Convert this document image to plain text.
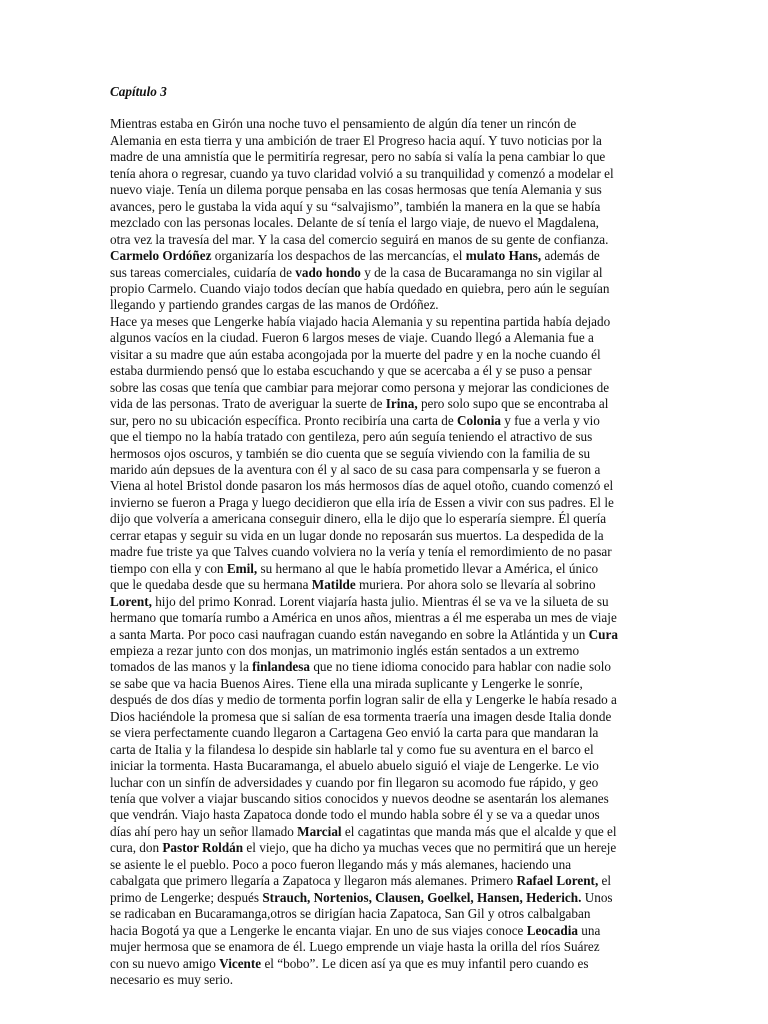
Capítulo 3

Mientras estaba en Girón una noche tuvo el pensamiento de algún día tener un rincón de
Alemania en esta tierra y una ambición de traer El Progreso hacia aquí. Y tuvo noticias por la
madre de una amnistía que le permitiría regresar, pero no sabía si valía la pena cambiar lo que
tenía ahora o regresar, cuando ya tuvo claridad volvió a su tranquilidad y comenzó a modelar el
nuevo viaje. Tenía un dilema porque pensaba en las cosas hermosas que tenía Alemania y sus
avances, pero le gustaba la vida aquí y su “salvajismo”, también la manera en la que se había
mezclado con las personas locales. Delante de sí tenía el largo viaje, de nuevo el Magdalena,
otra vez la travesía del mar. Y la casa del comercio seguirá en manos de su gente de confianza.
Carmelo Ordóñez organizaría los despachos de las mercancías, el mulato Hans, además de
sus tareas comerciales, cuidaría de vado hondo y de la casa de Bucaramanga no sin vigilar al
propio Carmelo. Cuando viajo todos decían que había quedado en quiebra, pero aún le seguían
llegando y partiendo grandes cargas de las manos de Ordóñez.

Hace ya meses que Lengerke había viajado hacia Alemania y su repentina partida había dejado
algunos vacíos en la ciudad. Fueron 6 largos meses de viaje. Cuando llegó a Alemania fue a
visitar a su madre que aún estaba acongojada por la muerte del padre y en la noche cuando él
estaba durmiendo pensó que lo estaba escuchando y que se acercaba a él y se puso a pensar
sobre las cosas que tenía que cambiar para mejorar como persona y mejorar las condiciones de
vida de las personas. Trato de averiguar la suerte de Irina, pero solo supo que se encontraba al
sur, pero no su ubicación específica. Pronto recibiría una carta de Colonia y fue a verla y vio
que el tiempo no la había tratado con gentileza, pero aún seguía teniendo el atractivo de sus
hermosos ojos oscuros, y también se dio cuenta que se seguía viviendo con la familia de su
marido aún depsues de la aventura con él y al saco de su casa para compensarla y se fueron a
Viena al hotel Bristol donde pasaron los más hermosos días de aquel otoño, cuando comenzó el
invierno se fueron a Praga y luego decidieron que ella iría de Essen a vivir con sus padres. El le
dijo que volvería a americana conseguir dinero, ella le dijo que lo esperaría siempre. Él quería
cerrar etapas y seguir su vida en un lugar donde no reposarán sus muertos. La despedida de la
madre fue triste ya que Talves cuando volviera no la vería y tenía el remordimiento de no pasar
tiempo con ella y con Emil, su hermano al que le había prometido llevar a América, el único
que le quedaba desde que su hermana Matilde muriera. Por ahora solo se llevaría al sobrino
Lorent, hijo del primo Konrad. Lorent viajaría hasta julio. Mientras él se va ve la silueta de su
hermano que tomaría rumbo a América en unos años, mientras a él me esperaba un mes de viaje
a santa Marta. Por poco casi naufragan cuando están navegando en sobre la Atlántida y un Cura
empieza a rezar junto con dos monjas, un matrimonio inglés están sentados a un extremo
tomados de las manos y la finlandesa que no tiene idioma conocido para hablar con nadie solo
se sabe que va hacia Buenos Aires. Tiene ella una mirada suplicante y Lengerke le sonríe,
después de dos días y medio de tormenta porfin logran salir de ella y Lengerke le había resado a
Dios haciéndole la promesa que si salían de esa tormenta traería una imagen desde Italia donde
se viera perfectamente cuando llegaron a Cartagena Geo envió la carta para que mandaran la
carta de Italia y la filandesa lo despide sin hablarle tal y como fue su aventura en el barco el
iniciar la tormenta. Hasta Bucaramanga, el abuelo abuelo siguió el viaje de Lengerke. Le vio
luchar con un sinfín de adversidades y cuando por fin llegaron su acomodo fue rápido, y geo
tenía que volver a viajar buscando sitios conocidos y nuevos deodne se asentarán los alemanes
que vendrán. Viajo hasta Zapatoca donde todo el mundo habla sobre él y se va a quedar unos
días ahí pero hay un señor llamado Marcial el cagatintas que manda más que el alcalde y que el
cura, don Pastor Roldán el viejo, que ha dicho ya muchas veces que no permitirá que un hereje
se asiente le el pueblo. Poco a poco fueron llegando más y más alemanes, haciendo una
cabalgata que primero llegaría a Zapatoca y llegaron más alemanes. Primero Rafael Lorent, el
primo de Lengerke; después Strauch, Nortenios, Clausen, Goelkel, Hansen, Hederich. Unos
se radicaban en Bucaramanga,otros se dirigían hacia Zapatoca, San Gil y otros calbalgaban
hacia Bogotá ya que a Lengerke le encanta viajar. En uno de sus viajes conoce Leocadia una
mujer hermosa que se enamora de él. Luego emprende un viaje hasta la orilla del ríos Suárez
con su nuevo amigo Vicente el “bobo”. Le dicen así ya que es muy infantil pero cuando es
necesario es muy serio.
